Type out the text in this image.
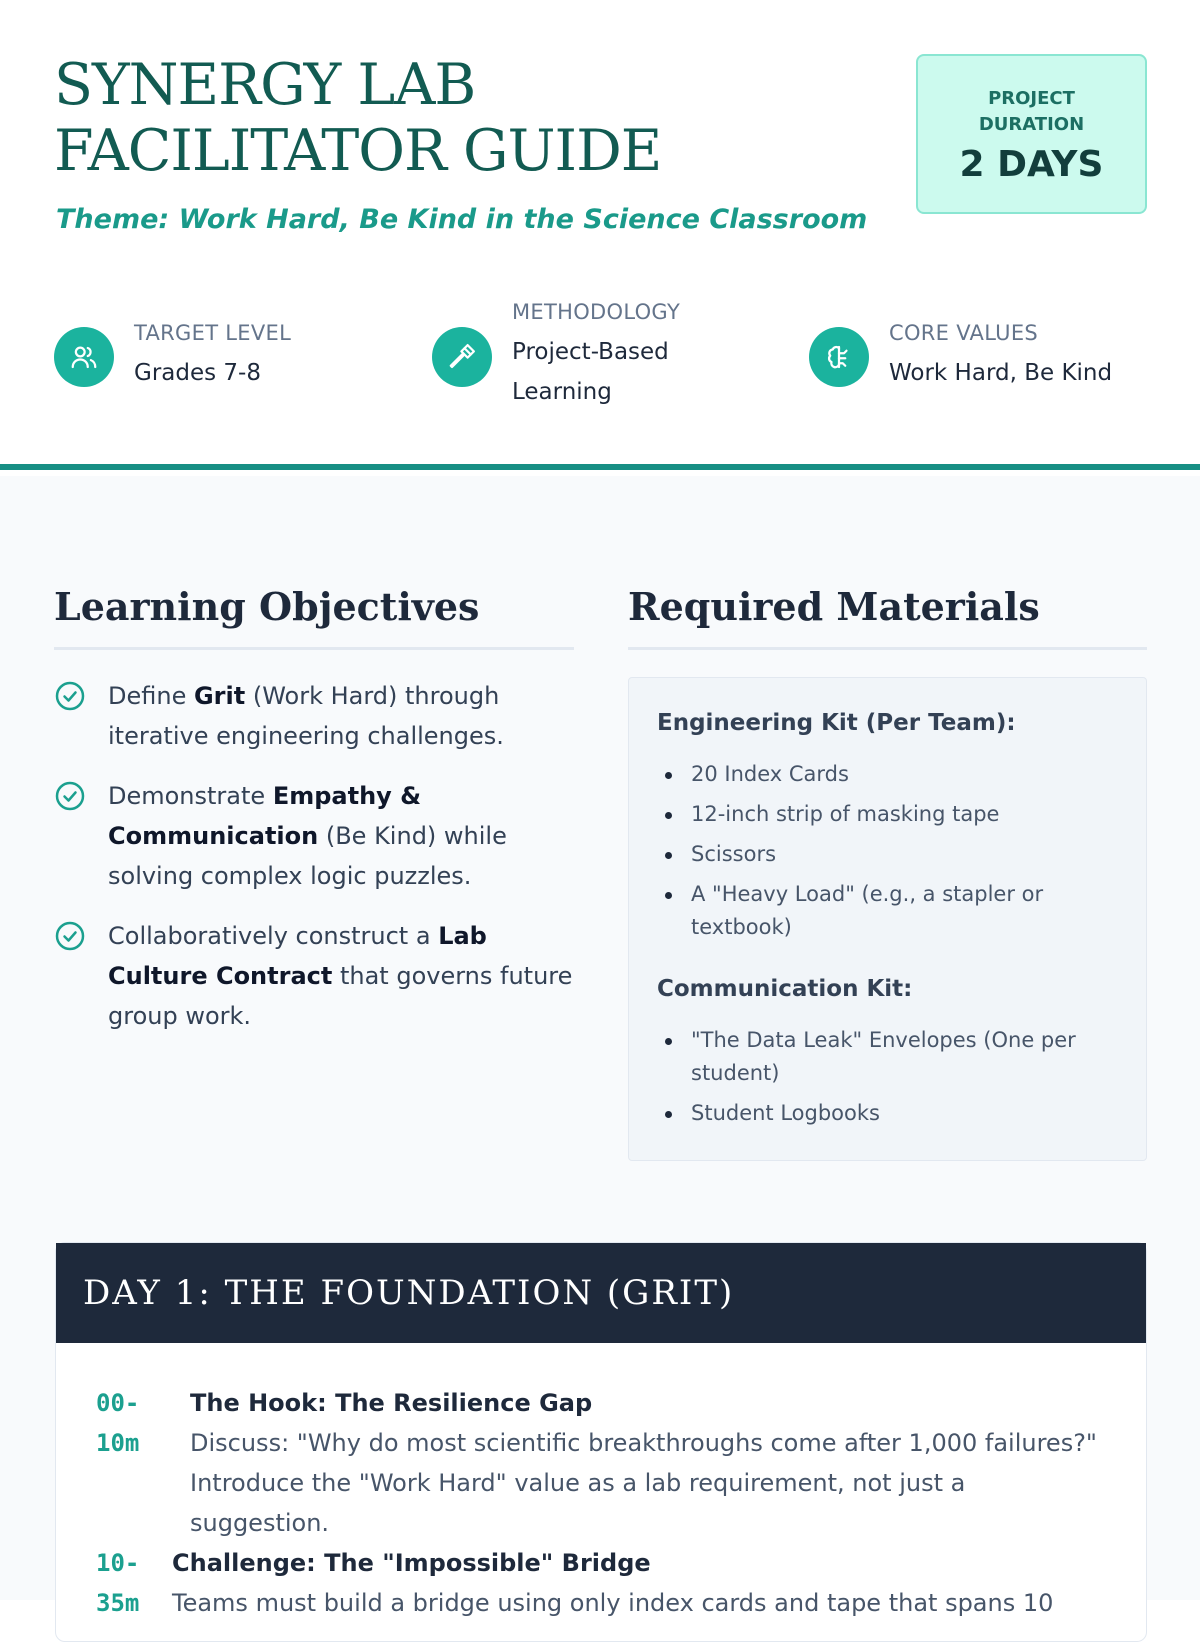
SYNERGY LAB FACILITATOR GUIDE
Theme: Work Hard, Be Kind in the Science Classroom
PROJECT DURATION
2 DAYS
TARGET LEVEL
Grades 7-8
METHODOLOGY
Project-Based Learning
CORE VALUES
Work Hard, Be Kind
Learning Objectives
Define Grit (Work Hard) through iterative engineering challenges.
Demonstrate Empathy & Communication (Be Kind) while solving complex logic puzzles.
Collaboratively construct a Lab Culture Contract that governs future group work.
Required Materials
Engineering Kit (Per Team):
20 Index Cards
12-inch strip of masking tape
Scissors
A "Heavy Load" (e.g., a stapler or textbook)
Communication Kit:
"The Data Leak" Envelopes (One per student)
Student Logbooks
DAY 1: THE FOUNDATION (GRIT)
00-10m
The Hook: The Resilience Gap
Discuss: "Why do most scientific breakthroughs come after 1,000 failures?" Introduce the "Work Hard" value as a lab requirement, not just a suggestion.
10-35m
Challenge: The "Impossible" Bridge
Teams must build a bridge using only index cards and tape that spans 10
